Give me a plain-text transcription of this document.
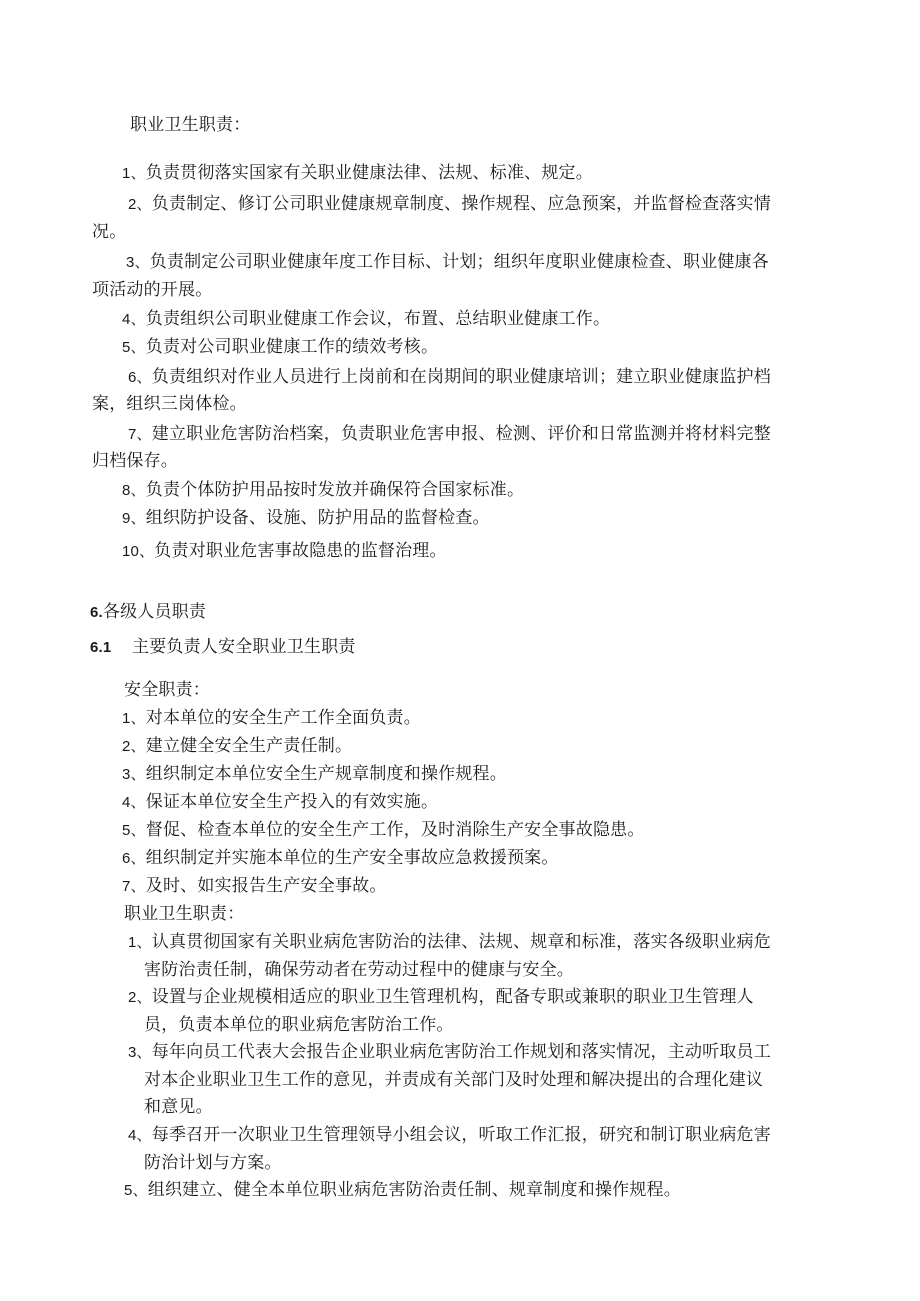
职业卫生职责：
1、负责贯彻落实国家有关职业健康法律、法规、标准、规定。
2、负责制定、修订公司职业健康规章制度、操作规程、应急预案，并监督检查落实情
况。
3、负责制定公司职业健康年度工作目标、计划；组织年度职业健康检查、职业健康各
项活动的开展。
4、负责组织公司职业健康工作会议，布置、总结职业健康工作。
5、负责对公司职业健康工作的绩效考核。
6、负责组织对作业人员进行上岗前和在岗期间的职业健康培训；建立职业健康监护档
案，组织三岗体检。
7、建立职业危害防治档案，负责职业危害申报、检测、评价和日常监测并将材料完整
归档保存。
8、负责个体防护用品按时发放并确保符合国家标准。
9、组织防护设备、设施、防护用品的监督检查。
10、负责对职业危害事故隐患的监督治理。
6.各级人员职责
6.1 主要负责人安全职业卫生职责
安全职责：
1、对本单位的安全生产工作全面负责。
2、建立健全安全生产责任制。
3、组织制定本单位安全生产规章制度和操作规程。
4、保证本单位安全生产投入的有效实施。
5、督促、检查本单位的安全生产工作，及时消除生产安全事故隐患。
6、组织制定并实施本单位的生产安全事故应急救援预案。
7、及时、如实报告生产安全事故。
职业卫生职责：
1、认真贯彻国家有关职业病危害防治的法律、法规、规章和标准，落实各级职业病危
害防治责任制，确保劳动者在劳动过程中的健康与安全。
2、设置与企业规模相适应的职业卫生管理机构，配备专职或兼职的职业卫生管理人
员，负责本单位的职业病危害防治工作。
3、每年向员工代表大会报告企业职业病危害防治工作规划和落实情况，主动听取员工
对本企业职业卫生工作的意见，并责成有关部门及时处理和解决提出的合理化建议
和意见。
4、每季召开一次职业卫生管理领导小组会议，听取工作汇报，研究和制订职业病危害
防治计划与方案。
5、组织建立、健全本单位职业病危害防治责任制、规章制度和操作规程。
